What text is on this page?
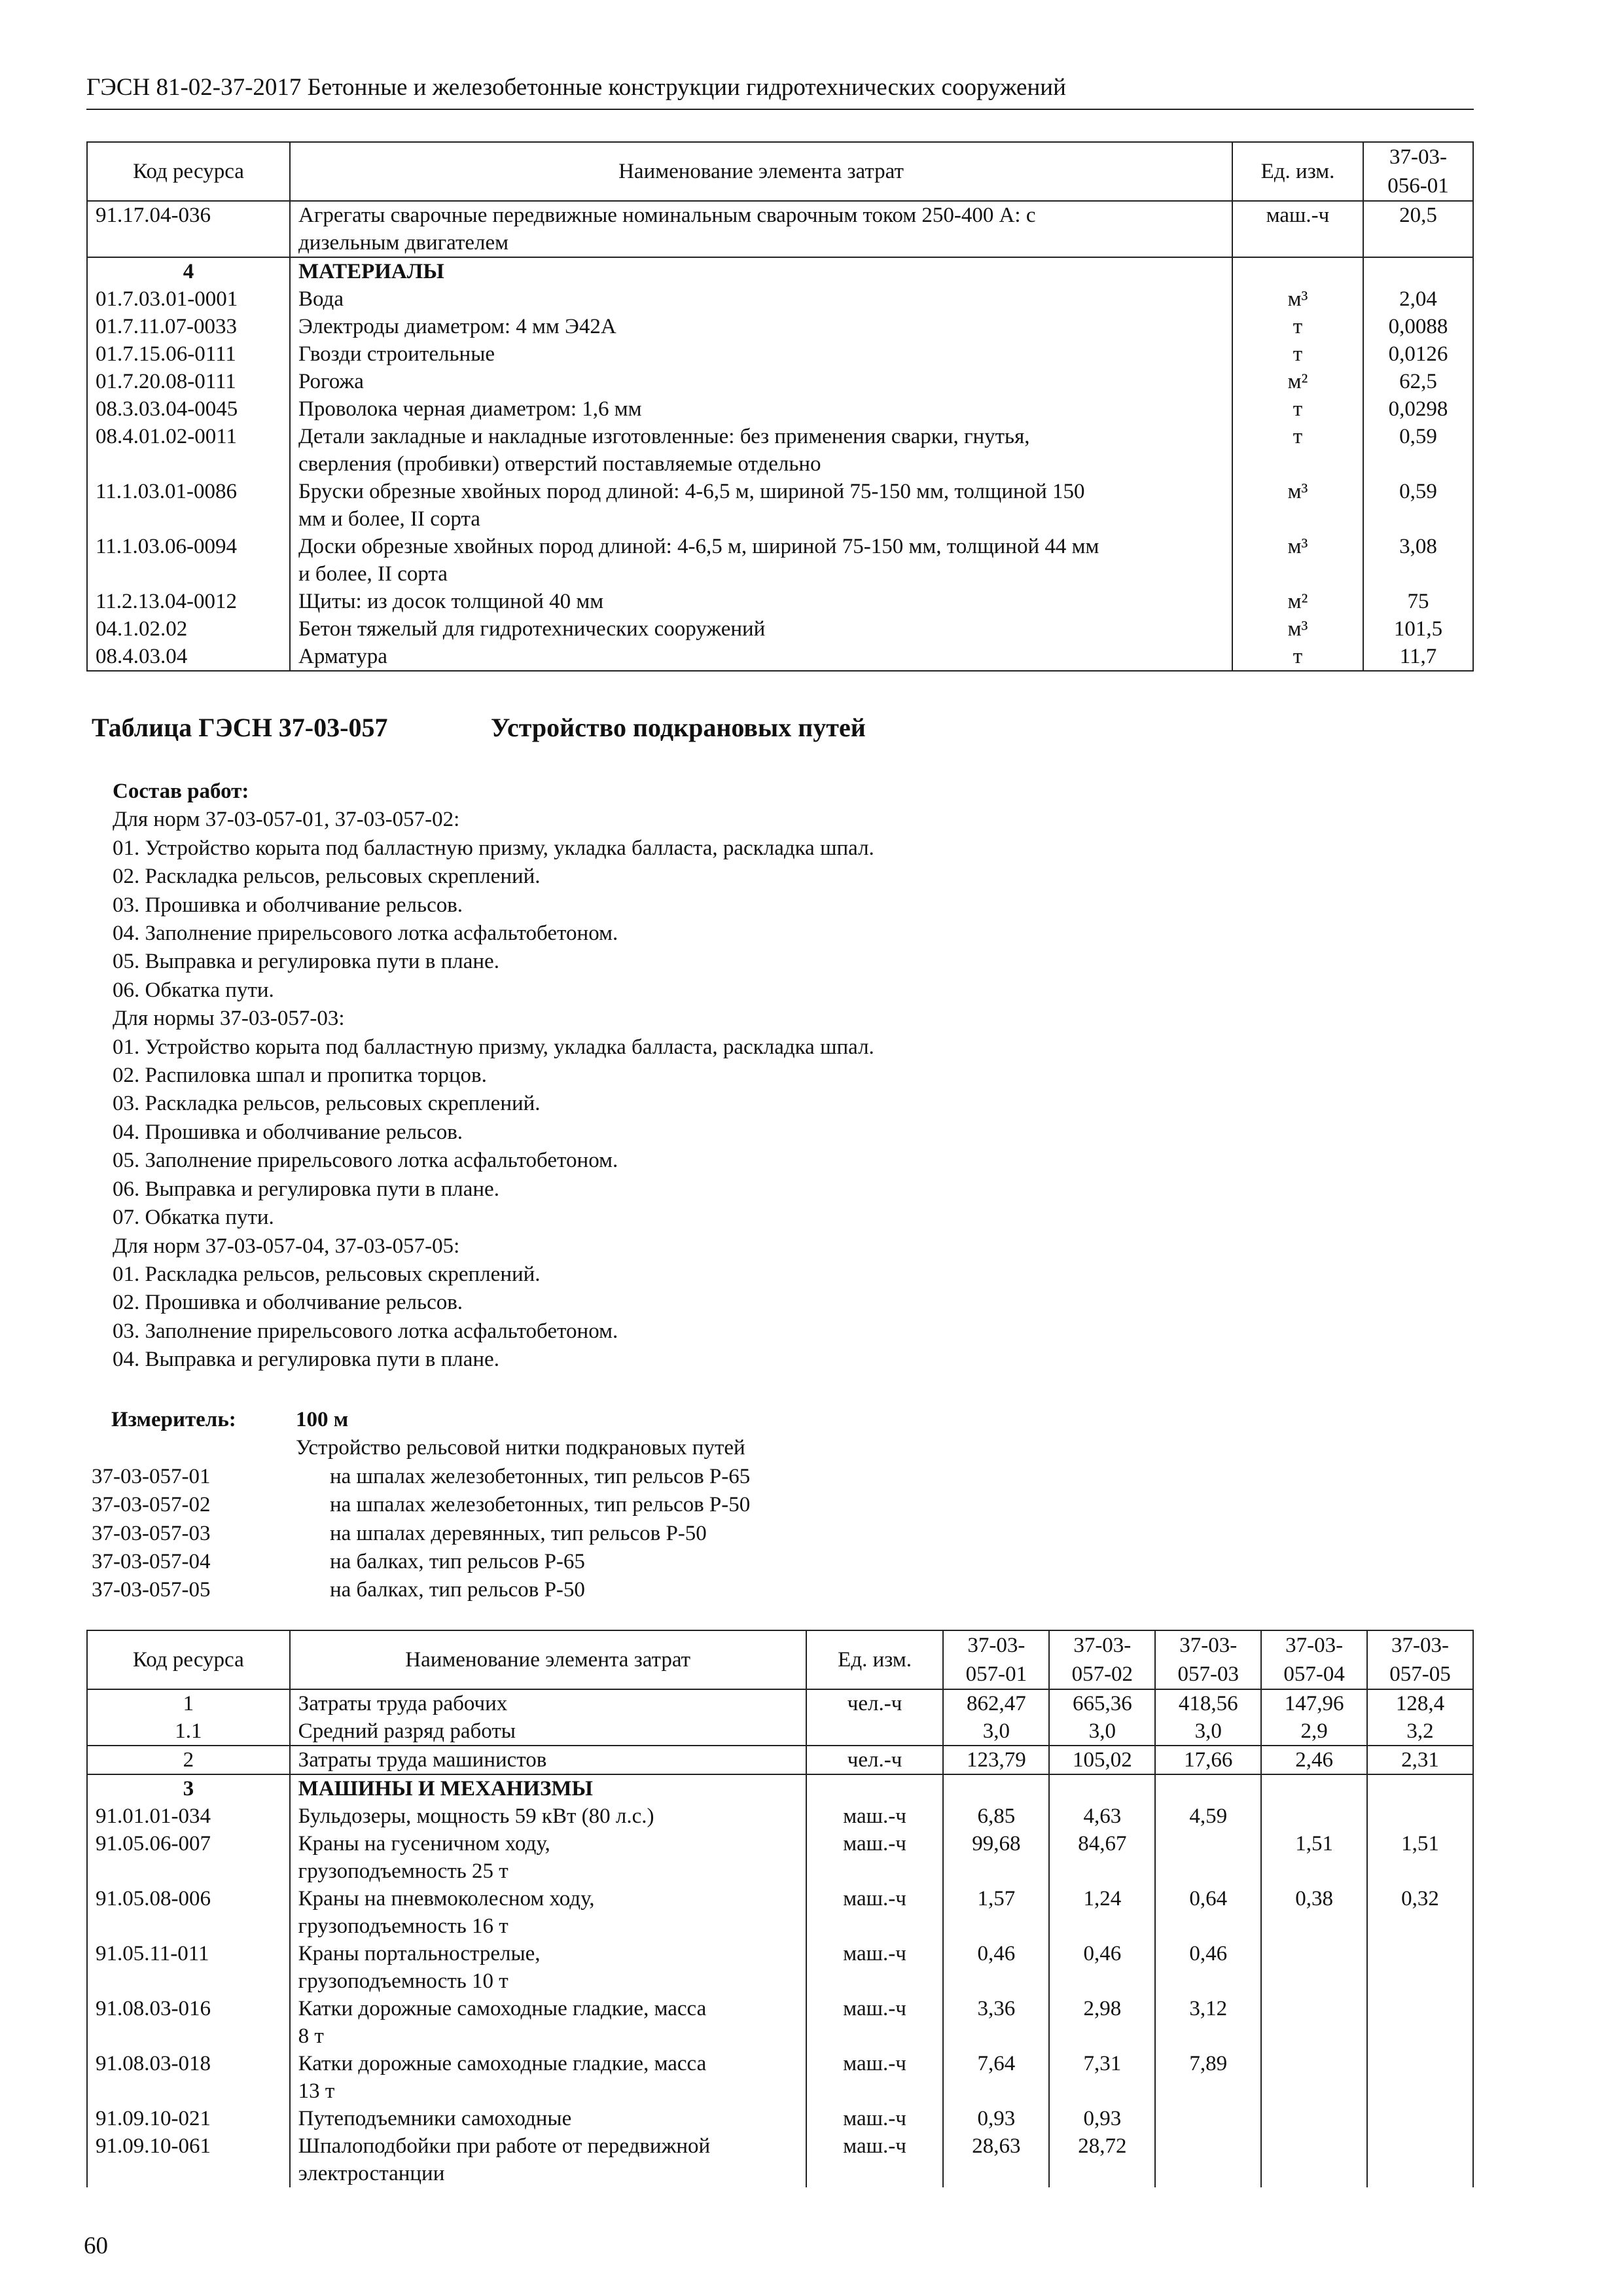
ГЭСН 81-02-37-2017 Бетонные и железобетонные конструкции гидротехнических сооружений
Код ресурса	Наименование элемента затрат	Ед. изм.	37-03-
056-01
91.17.04-036	Агрегаты сварочные передвижные номинальным сварочным током 250-400 А: с
дизельным двигателем	маш.-ч	20,5
4	МАТЕРИАЛЫ		
01.7.03.01-0001	Вода	м³	2,04
01.7.11.07-0033	Электроды диаметром: 4 мм Э42А	т	0,0088
01.7.15.06-0111	Гвозди строительные	т	0,0126
01.7.20.08-0111	Рогожа	м²	62,5
08.3.03.04-0045	Проволока черная диаметром: 1,6 мм	т	0,0298
08.4.01.02-0011	Детали закладные и накладные изготовленные: без применения сварки, гнутья,
сверления (пробивки) отверстий поставляемые отдельно	т	0,59
11.1.03.01-0086	Бруски обрезные хвойных пород длиной: 4-6,5 м, шириной 75-150 мм, толщиной 150
мм и более, II сорта	м³	0,59
11.1.03.06-0094	Доски обрезные хвойных пород длиной: 4-6,5 м, шириной 75-150 мм, толщиной 44 мм
и более, II сорта	м³	3,08
11.2.13.04-0012	Щиты: из досок толщиной 40 мм	м²	75
04.1.02.02	Бетон тяжелый для гидротехнических сооружений	м³	101,5
08.4.03.04	Арматура	т	11,7
Таблица ГЭСН 37-03-057	Устройство подкрановых путей
Состав работ:
Для норм 37-03-057-01, 37-03-057-02:
01. Устройство корыта под балластную призму, укладка балласта, раскладка шпал.
02. Раскладка рельсов, рельсовых скреплений.
03. Прошивка и оболчивание рельсов.
04. Заполнение прирельсового лотка асфальтобетоном.
05. Выправка и регулировка пути в плане.
06. Обкатка пути.
Для нормы 37-03-057-03:
01. Устройство корыта под балластную призму, укладка балласта, раскладка шпал.
02. Распиловка шпал и пропитка торцов.
03. Раскладка рельсов, рельсовых скреплений.
04. Прошивка и оболчивание рельсов.
05. Заполнение прирельсового лотка асфальтобетоном.
06. Выправка и регулировка пути в плане.
07. Обкатка пути.
Для норм 37-03-057-04, 37-03-057-05:
01. Раскладка рельсов, рельсовых скреплений.
02. Прошивка и оболчивание рельсов.
03. Заполнение прирельсового лотка асфальтобетоном.
04. Выправка и регулировка пути в плане.
Измеритель:	100 м
Устройство рельсовой нитки подкрановых путей
37-03-057-01	на шпалах железобетонных, тип рельсов Р-65
37-03-057-02	на шпалах железобетонных, тип рельсов Р-50
37-03-057-03	на шпалах деревянных, тип рельсов Р-50
37-03-057-04	на балках, тип рельсов Р-65
37-03-057-05	на балках, тип рельсов Р-50
Код ресурса	Наименование элемента затрат	Ед. изм.	37-03-
057-01	37-03-
057-02	37-03-
057-03	37-03-
057-04	37-03-
057-05
1	Затраты труда рабочих	чел.-ч	862,47	665,36	418,56	147,96	128,4
1.1	Средний разряд работы		3,0	3,0	3,0	2,9	3,2
2	Затраты труда машинистов	чел.-ч	123,79	105,02	17,66	2,46	2,31
3	МАШИНЫ И МЕХАНИЗМЫ						
91.01.01-034	Бульдозеры, мощность 59 кВт (80 л.с.)	маш.-ч	6,85	4,63	4,59		
91.05.06-007	Краны на гусеничном ходу,
грузоподъемность 25 т	маш.-ч	99,68	84,67		1,51	1,51
91.05.08-006	Краны на пневмоколесном ходу,
грузоподъемность 16 т	маш.-ч	1,57	1,24	0,64	0,38	0,32
91.05.11-011	Краны портальнострелые,
грузоподъемность 10 т	маш.-ч	0,46	0,46	0,46		
91.08.03-016	Катки дорожные самоходные гладкие, масса
8 т	маш.-ч	3,36	2,98	3,12		
91.08.03-018	Катки дорожные самоходные гладкие, масса
13 т	маш.-ч	7,64	7,31	7,89		
91.09.10-021	Путеподъемники самоходные	маш.-ч	0,93	0,93			
91.09.10-061	Шпалоподбойки при работе от передвижной
электростанции	маш.-ч	28,63	28,72			
60
